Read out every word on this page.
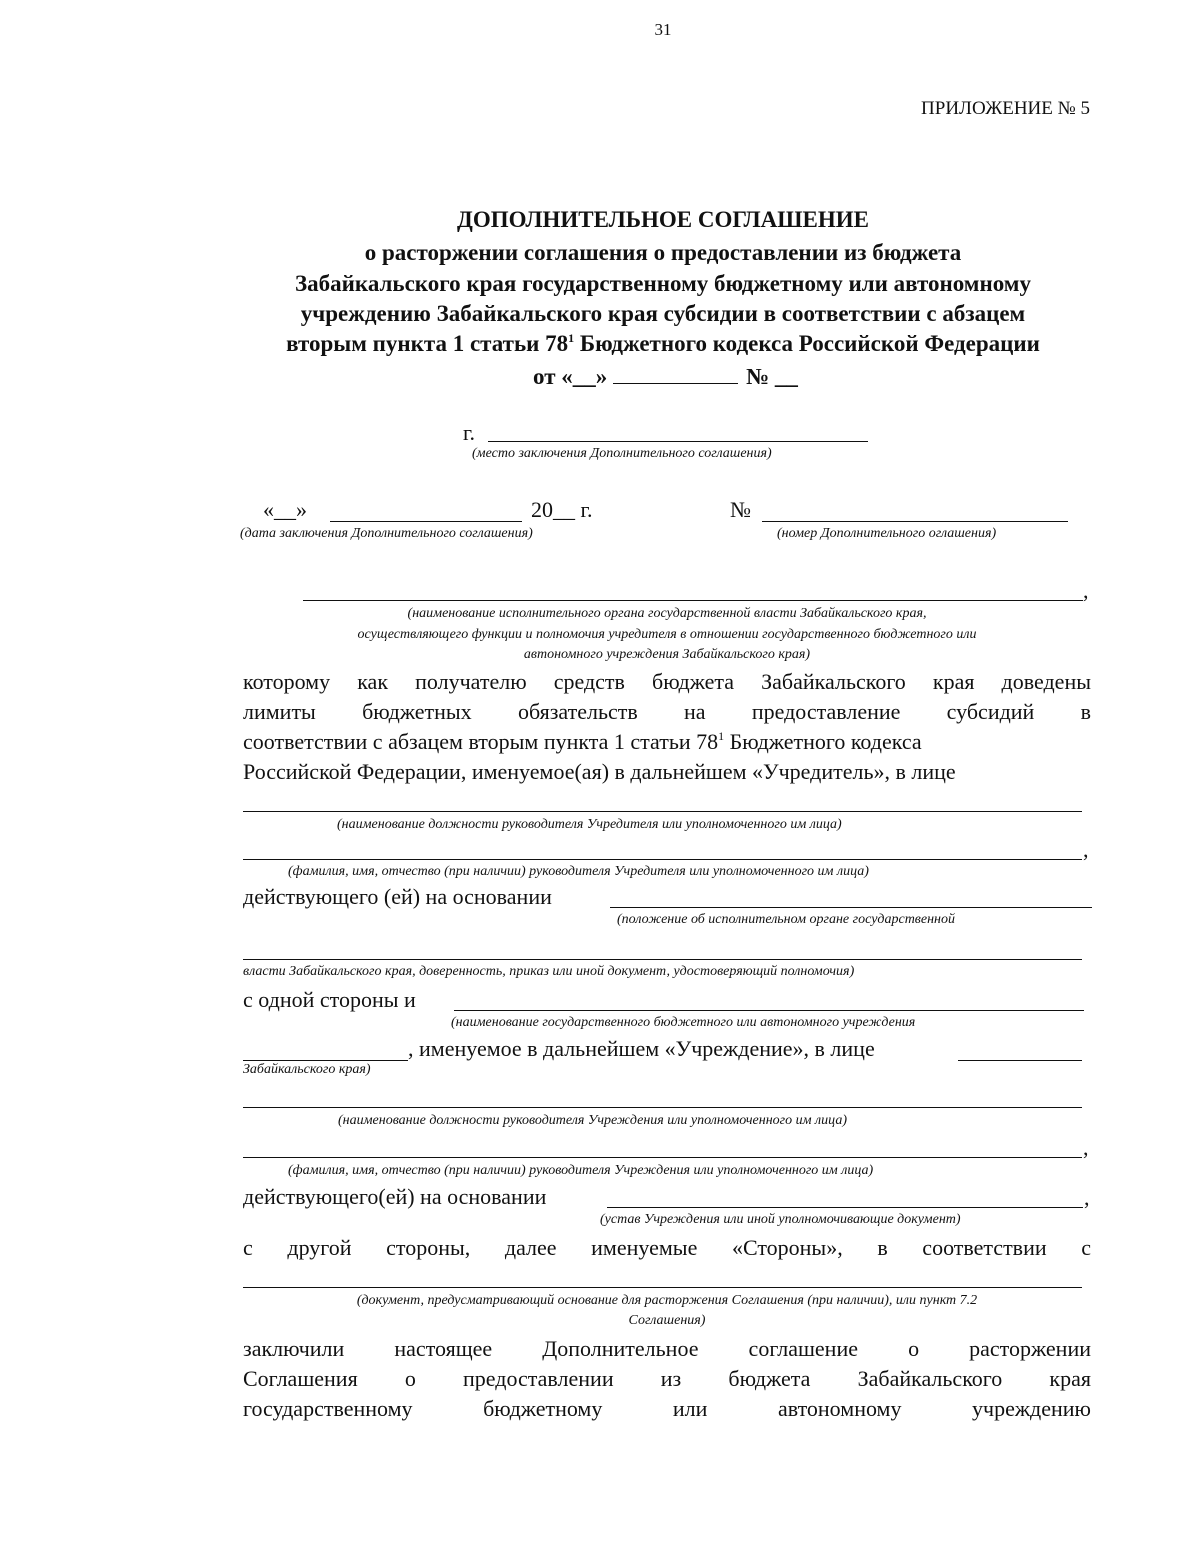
31
ПРИЛОЖЕНИЕ № 5
ДОПОЛНИТЕЛЬНОЕ СОГЛАШЕНИЕ
о расторжении соглашения о предоставлении из бюджета
Забайкальского края государственному бюджетному или автономному
учреждению Забайкальского края субсидии в соответствии с абзацем
вторым пункта 1 статьи $78^1$ Бюджетного кодекса Российской Федерации
от «__»	№ __
г.
(место заключения Дополнительного соглашения)
«__»	20__ г.	№
(дата заключения Дополнительного соглашения)	(номер Дополнительного оглашения)
,
(наименование исполнительного органа государственной власти Забайкальского края,
осуществляющего функции и полномочия учредителя в отношении государственного бюджетного или
автономного учреждения Забайкальского края)
которому как получателю средств бюджета Забайкальского края доведены
лимиты бюджетных обязательств на предоставление субсидий в
соответствии с абзацем вторым пункта 1 статьи $78^1$ Бюджетного кодекса
Российской Федерации, именуемое(ая) в дальнейшем «Учредитель», в лице
(наименование должности руководителя Учредителя или уполномоченного им лица)
,
(фамилия, имя, отчество (при наличии) руководителя Учредителя или уполномоченного им лица)
действующего (ей) на основании
(положение об исполнительном органе государственной
власти Забайкальского края, доверенность, приказ или иной документ, удостоверяющий полномочия)
с одной стороны и
(наименование государственного бюджетного или автономного учреждения
, именуемое в дальнейшем «Учреждение», в лице
Забайкальского края)
(наименование должности руководителя Учреждения или уполномоченного им лица)
,
(фамилия, имя, отчество (при наличии) руководителя Учреждения или уполномоченного им лица)
действующего(ей) на основании	,
(устав Учреждения или иной уполномочивающие документ)
с другой стороны, далее именуемые «Стороны», в соответствии с
(документ, предусматривающий основание для расторжения Соглашения (при наличии), или пункт 7.2
Соглашения)
заключили настоящее Дополнительное соглашение о расторжении
Соглашения о предоставлении из бюджета Забайкальского края
государственному бюджетному или автономному учреждению
